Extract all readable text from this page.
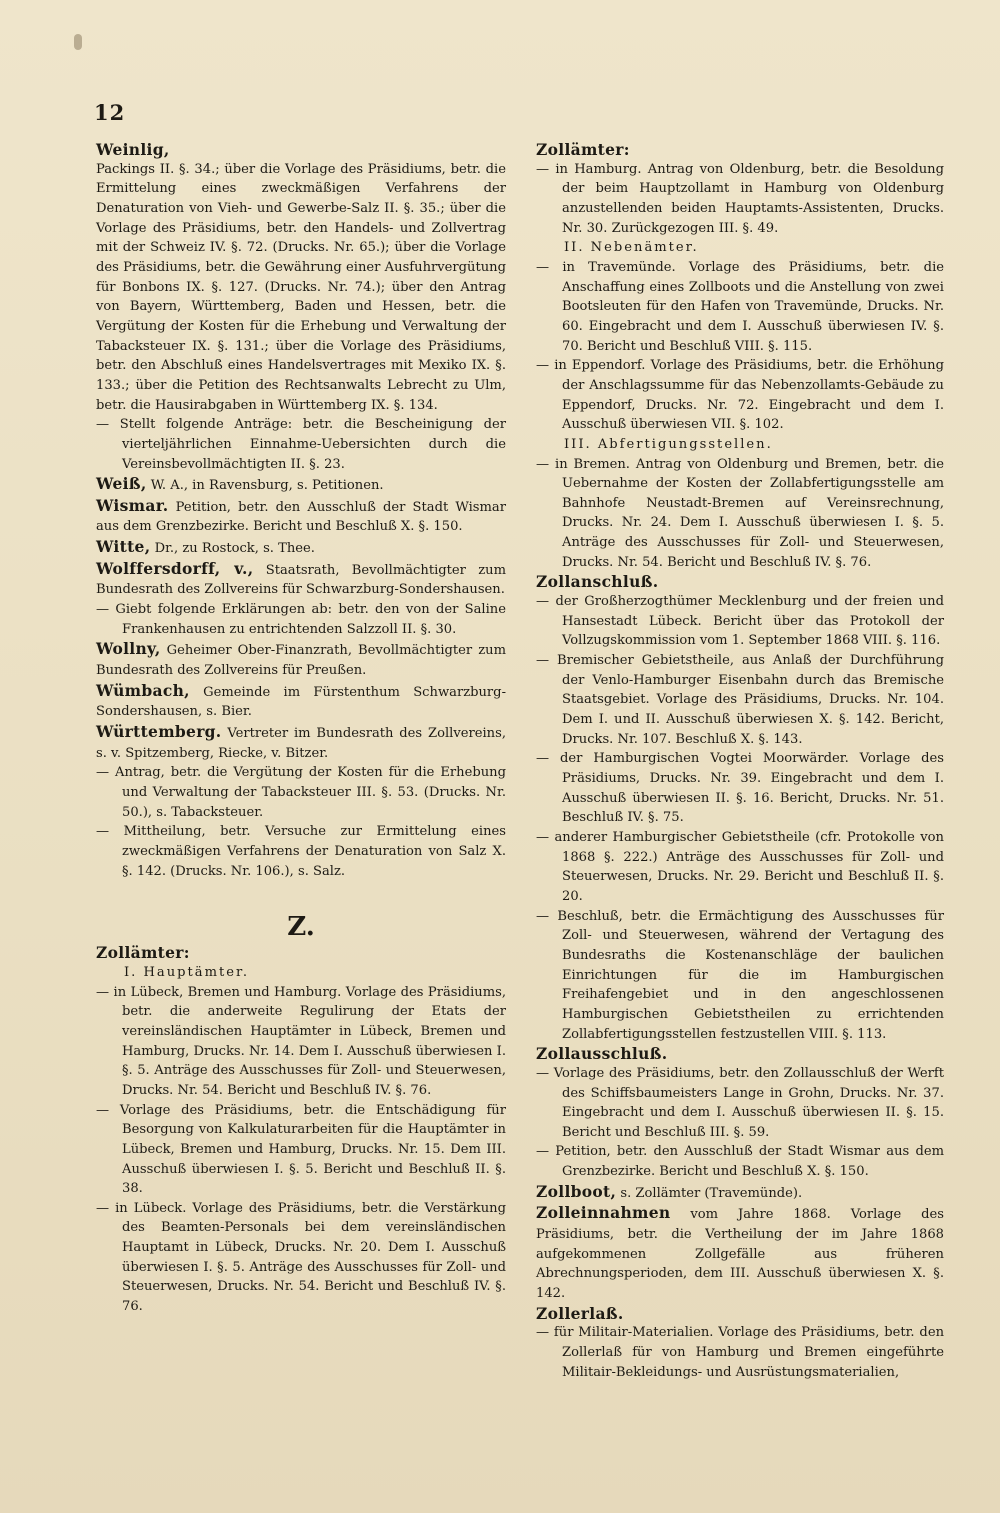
12

Weinlig,

Packings II. §. 34.; über die Vorlage des Präsidiums, betr. die Ermittelung eines zweckmäßigen Verfahrens der Denaturation von Vieh- und Gewerbe-Salz II. §. 35.; über die Vorlage des Präsidiums, betr. den Handels- und Zollvertrag mit der Schweiz IV. §. 72. (Drucks. Nr. 65.); über die Vorlage des Präsidiums, betr. die Gewährung einer Ausfuhrvergütung für Bonbons IX. §. 127. (Drucks. Nr. 74.); über den Antrag von Bayern, Württemberg, Baden und Hessen, betr. die Vergütung der Kosten für die Erhebung und Verwaltung der Tabacksteuer IX. §. 131.; über die Vorlage des Präsidiums, betr. den Abschluß eines Handelsvertrages mit Mexiko IX. §. 133.; über die Petition des Rechtsanwalts Lebrecht zu Ulm, betr. die Hausirabgaben in Württemberg IX. §. 134.

— Stellt folgende Anträge: betr. die Bescheinigung der vierteljährlichen Einnahme-Uebersichten durch die Vereinsbevollmächtigten II. §. 23.

Weiß, W. A., in Ravensburg, s. Petitionen.

Wismar. Petition, betr. den Ausschluß der Stadt Wismar aus dem Grenzbezirke. Bericht und Beschluß X. §. 150.

Witte, Dr., zu Rostock, s. Thee.

Wolffersdorff, v., Staatsrath, Bevollmächtigter zum Bundesrath des Zollvereins für Schwarzburg-Sondershausen.

— Giebt folgende Erklärungen ab: betr. den von der Saline Frankenhausen zu entrichtenden Salzzoll II. §. 30.

Wollny, Geheimer Ober-Finanzrath, Bevollmächtigter zum Bundesrath des Zollvereins für Preußen.

Wümbach, Gemeinde im Fürstenthum Schwarzburg-Sondershausen, s. Bier.

Württemberg. Vertreter im Bundesrath des Zollvereins, s. v. Spitzemberg, Riecke, v. Bitzer.

— Antrag, betr. die Vergütung der Kosten für die Erhebung und Verwaltung der Tabacksteuer III. §. 53. (Drucks. Nr. 50.), s. Tabacksteuer.

— Mittheilung, betr. Versuche zur Ermittelung eines zweckmäßigen Verfahrens der Denaturation von Salz X. §. 142. (Drucks. Nr. 106.), s. Salz.

Z.

Zollämter:

I. Hauptämter.

— in Lübeck, Bremen und Hamburg. Vorlage des Präsidiums, betr. die anderweite Regulirung der Etats der vereinsländischen Hauptämter in Lübeck, Bremen und Hamburg, Drucks. Nr. 14. Dem I. Ausschuß überwiesen I. §. 5. Anträge des Ausschusses für Zoll- und Steuerwesen, Drucks. Nr. 54. Bericht und Beschluß IV. §. 76.

— Vorlage des Präsidiums, betr. die Entschädigung für Besorgung von Kalkulaturarbeiten für die Hauptämter in Lübeck, Bremen und Hamburg, Drucks. Nr. 15. Dem III. Ausschuß überwiesen I. §. 5. Bericht und Beschluß II. §. 38.

— in Lübeck. Vorlage des Präsidiums, betr. die Verstärkung des Beamten-Personals bei dem vereinsländischen Hauptamt in Lübeck, Drucks. Nr. 20. Dem I. Ausschuß überwiesen I. §. 5. Anträge des Ausschusses für Zoll- und Steuerwesen, Drucks. Nr. 54. Bericht und Beschluß IV. §. 76.

Zollämter:

— in Hamburg. Antrag von Oldenburg, betr. die Besoldung der beim Hauptzollamt in Hamburg von Oldenburg anzustellenden beiden Hauptamts-Assistenten, Drucks. Nr. 30. Zurückgezogen III. §. 49.

II. Nebenämter.

— in Travemünde. Vorlage des Präsidiums, betr. die Anschaffung eines Zollboots und die Anstellung von zwei Bootsleuten für den Hafen von Travemünde, Drucks. Nr. 60. Eingebracht und dem I. Ausschuß überwiesen IV. §. 70. Bericht und Beschluß VIII. §. 115.

— in Eppendorf. Vorlage des Präsidiums, betr. die Erhöhung der Anschlagssumme für das Nebenzollamts-Gebäude zu Eppendorf, Drucks. Nr. 72. Eingebracht und dem I. Ausschuß überwiesen VII. §. 102.

III. Abfertigungsstellen.

— in Bremen. Antrag von Oldenburg und Bremen, betr. die Uebernahme der Kosten der Zollabfertigungsstelle am Bahnhofe Neustadt-Bremen auf Vereinsrechnung, Drucks. Nr. 24. Dem I. Ausschuß überwiesen I. §. 5. Anträge des Ausschusses für Zoll- und Steuerwesen, Drucks. Nr. 54. Bericht und Beschluß IV. §. 76.

Zollanschluß.

— der Großherzogthümer Mecklenburg und der freien und Hansestadt Lübeck. Bericht über das Protokoll der Vollzugskommission vom 1. September 1868 VIII. §. 116.

— Bremischer Gebietstheile, aus Anlaß der Durchführung der Venlo-Hamburger Eisenbahn durch das Bremische Staatsgebiet. Vorlage des Präsidiums, Drucks. Nr. 104. Dem I. und II. Ausschuß überwiesen X. §. 142. Bericht, Drucks. Nr. 107. Beschluß X. §. 143.

— der Hamburgischen Vogtei Moorwärder. Vorlage des Präsidiums, Drucks. Nr. 39. Eingebracht und dem I. Ausschuß überwiesen II. §. 16. Bericht, Drucks. Nr. 51. Beschluß IV. §. 75.

— anderer Hamburgischer Gebietstheile (cfr. Protokolle von 1868 §. 222.) Anträge des Ausschusses für Zoll- und Steuerwesen, Drucks. Nr. 29. Bericht und Beschluß II. §. 20.

— Beschluß, betr. die Ermächtigung des Ausschusses für Zoll- und Steuerwesen, während der Vertagung des Bundesraths die Kostenanschläge der baulichen Einrichtungen für die im Hamburgischen Freihafengebiet und in den angeschlossenen Hamburgischen Gebietstheilen zu errichtenden Zollabfertigungsstellen festzustellen VIII. §. 113.

Zollausschluß.

— Vorlage des Präsidiums, betr. den Zollausschluß der Werft des Schiffsbaumeisters Lange in Grohn, Drucks. Nr. 37. Eingebracht und dem I. Ausschuß überwiesen II. §. 15. Bericht und Beschluß III. §. 59.

— Petition, betr. den Ausschluß der Stadt Wismar aus dem Grenzbezirke. Bericht und Beschluß X. §. 150.

Zollboot, s. Zollämter (Travemünde).

Zolleinnahmen vom Jahre 1868. Vorlage des Präsidiums, betr. die Vertheilung der im Jahre 1868 aufgekommenen Zollgefälle aus früheren Abrechnungsperioden, dem III. Ausschuß überwiesen X. §. 142.

Zollerlaß.

— für Militair-Materialien. Vorlage des Präsidiums, betr. den Zollerlaß für von Hamburg und Bremen eingeführte Militair-Bekleidungs- und Ausrüstungsmaterialien,
